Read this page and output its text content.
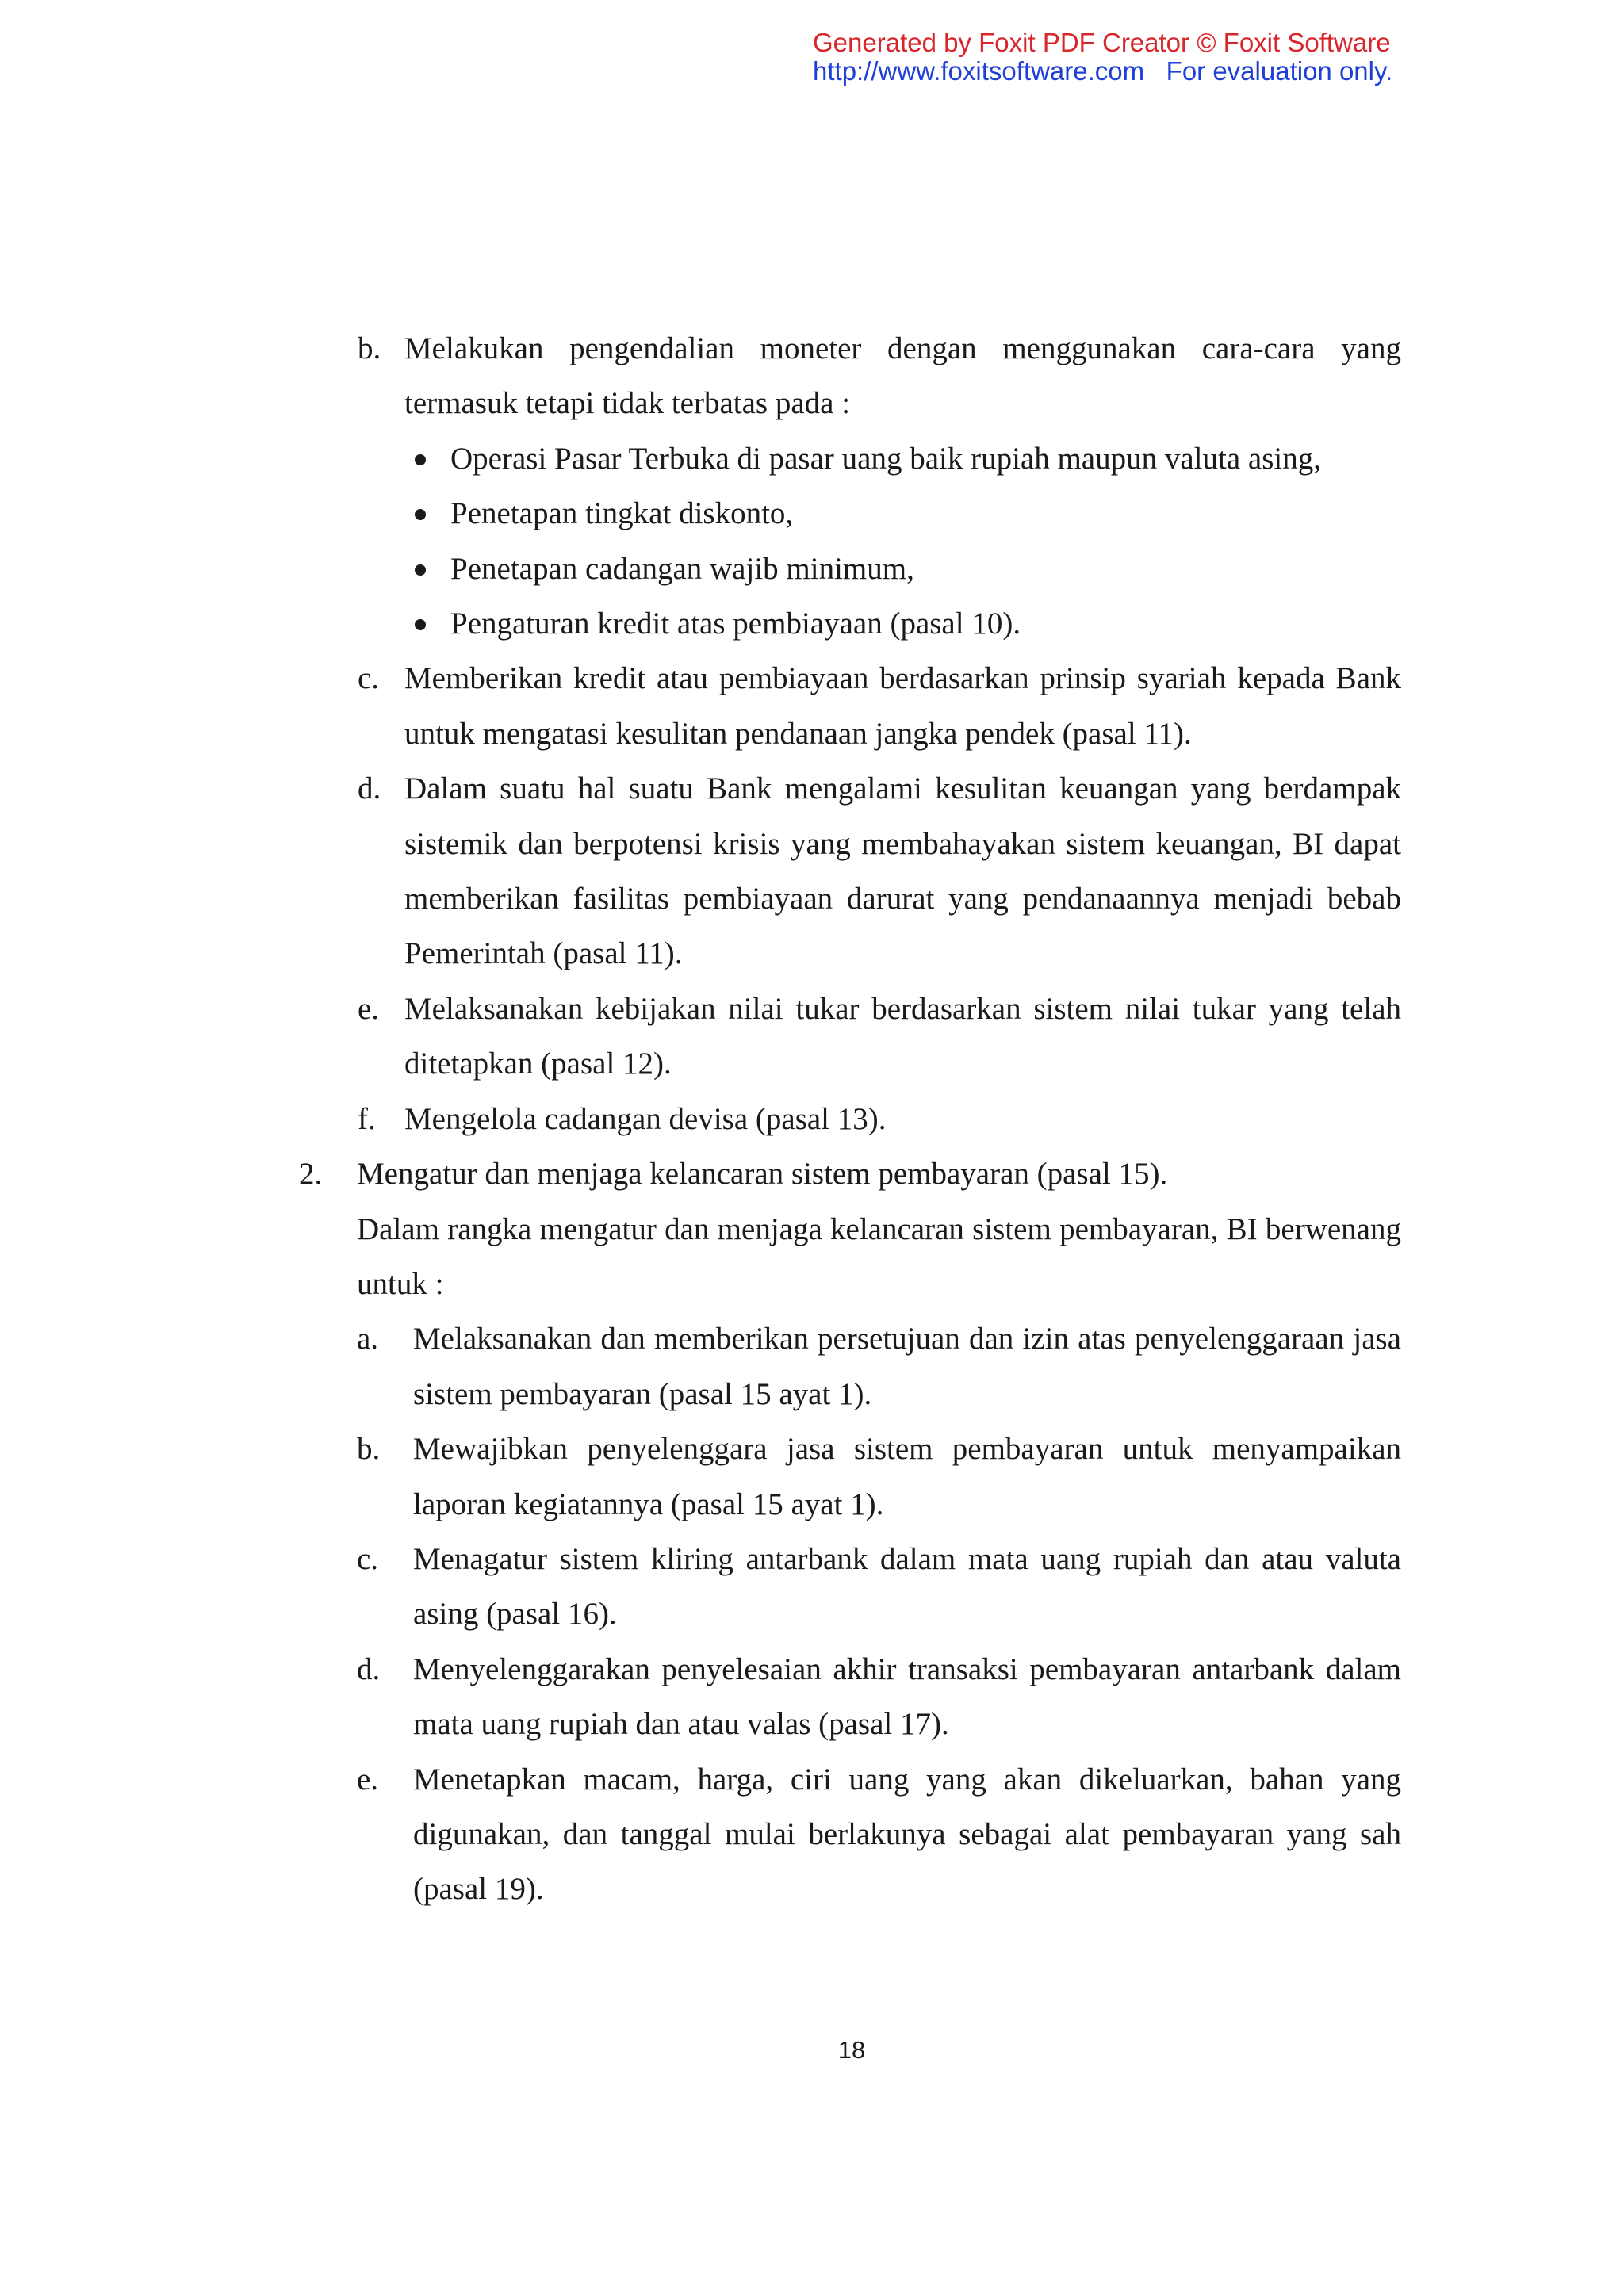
Generated by Foxit PDF Creator © Foxit Software
http://www.foxitsoftware.com For evaluation only.
b. Melakukan pengendalian moneter dengan menggunakan cara-cara yang termasuk tetapi tidak terbatas pada :
Operasi Pasar Terbuka di pasar uang baik rupiah maupun valuta asing,
Penetapan tingkat diskonto,
Penetapan cadangan wajib minimum,
Pengaturan kredit atas pembiayaan (pasal 10).
c. Memberikan kredit atau pembiayaan berdasarkan prinsip syariah kepada Bank untuk mengatasi kesulitan pendanaan jangka pendek (pasal 11).
d. Dalam suatu hal suatu Bank mengalami kesulitan keuangan yang berdampak sistemik dan berpotensi krisis yang membahayakan sistem keuangan, BI dapat memberikan fasilitas pembiayaan darurat yang pendanaannya menjadi bebab Pemerintah (pasal 11).
e. Melaksanakan kebijakan nilai tukar berdasarkan sistem nilai tukar yang telah ditetapkan (pasal 12).
f. Mengelola cadangan devisa (pasal 13).
2. Mengatur dan menjaga kelancaran sistem pembayaran (pasal 15).
Dalam rangka mengatur dan menjaga kelancaran sistem pembayaran, BI berwenang untuk :
a. Melaksanakan dan memberikan persetujuan dan izin atas penyelenggaraan jasa sistem pembayaran (pasal 15 ayat 1).
b. Mewajibkan penyelenggara jasa sistem pembayaran untuk menyampaikan laporan kegiatannya (pasal 15 ayat 1).
c. Menagatur sistem kliring antarbank dalam mata uang rupiah dan atau valuta asing (pasal 16).
d. Menyelenggarakan penyelesaian akhir transaksi pembayaran antarbank dalam mata uang rupiah dan atau valas (pasal 17).
e. Menetapkan macam, harga, ciri uang yang akan dikeluarkan, bahan yang digunakan, dan tanggal mulai berlakunya sebagai alat pembayaran yang sah (pasal 19).
18
